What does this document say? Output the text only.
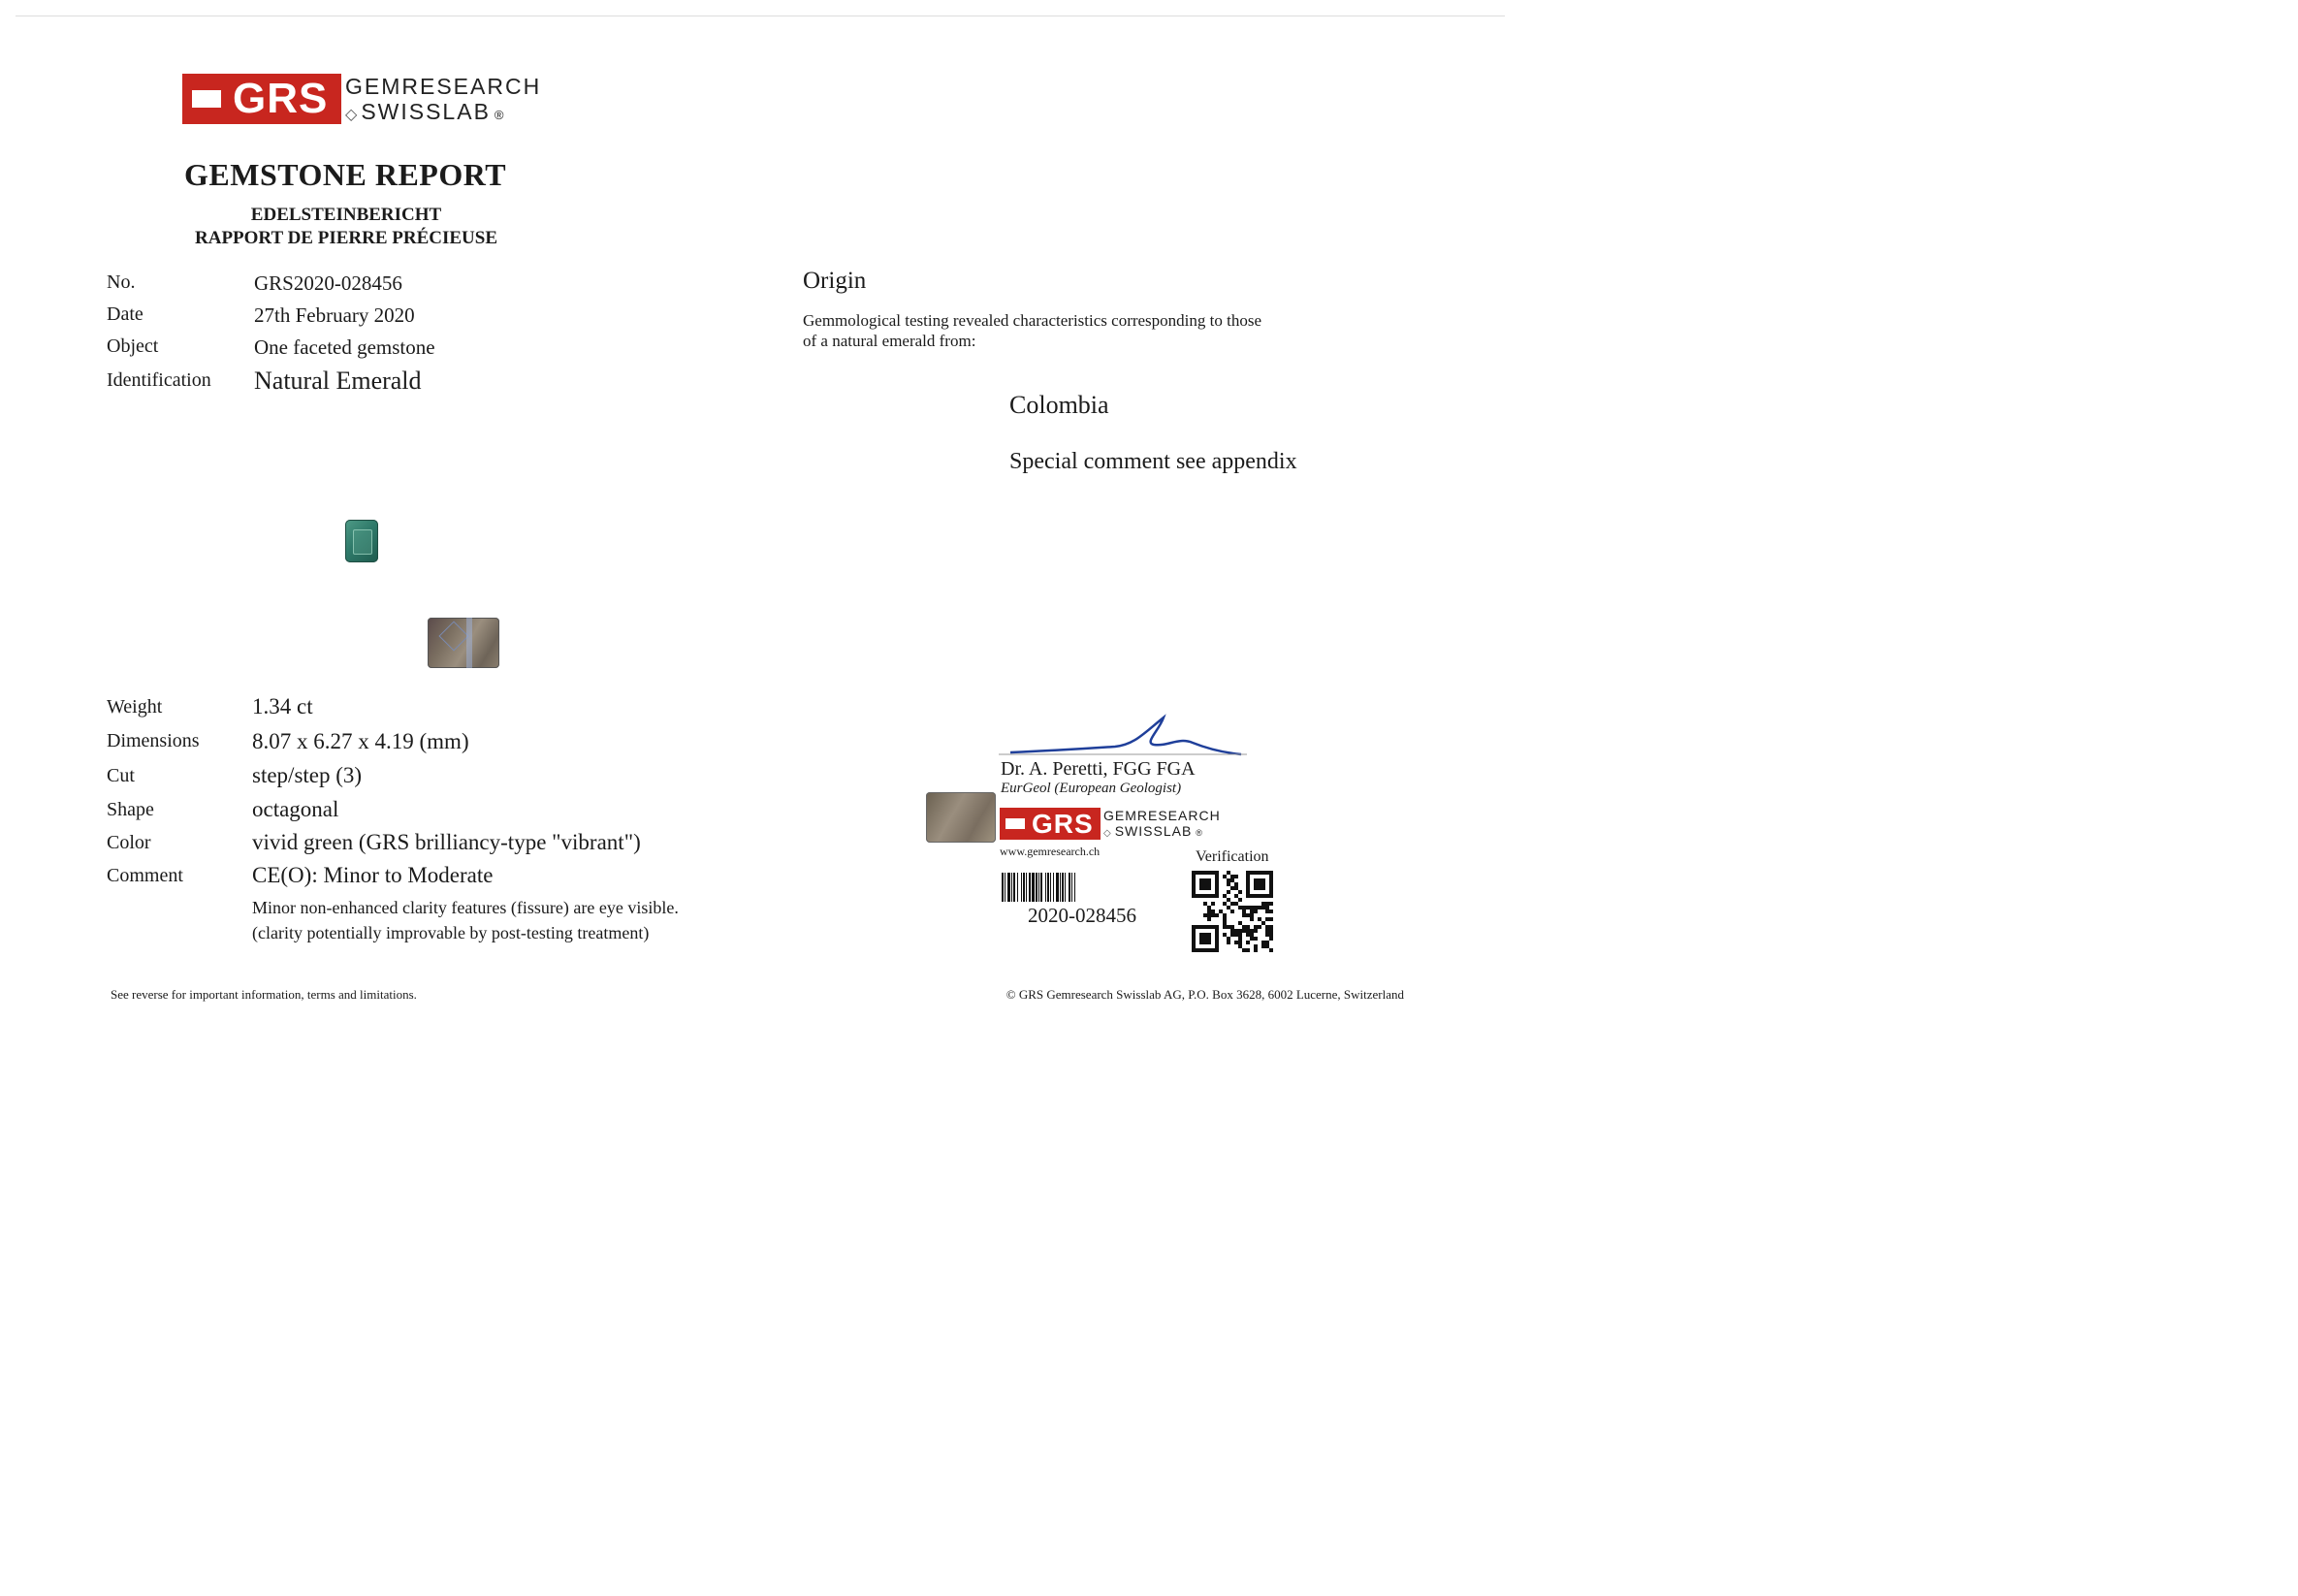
GRS GEMRESEARCH
◇ SWISSLAB ®
GEMSTONE REPORT
EDELSTEINBERICHT
RAPPORT DE PIERRE PRÉCIEUSE
No.	GRS2020-028456
Date	27th February 2020
Object	One faceted gemstone
Identification Natural Emerald
Weight	1.34 ct
Dimensions 8.07 x 6.27 x 4.19 (mm)
Cut	step/step (3)
Shape	octagonal
Color	vivid green (GRS brilliancy-type "vibrant")
Comment	CE(O): Minor to Moderate
Minor non-enhanced clarity features (fissure) are eye visible.
(clarity potentially improvable by post-testing treatment)
Origin
Gemmological testing revealed characteristics corresponding to those
of a natural emerald from:
Colombia
Special comment see appendix
Dr. A. Peretti, FGG FGA
EurGeol (European Geologist)
GRS GEMRESEARCH
◇ SWISSLAB ®
www.gemresearch.ch	Verification
2020-028456
See reverse for important information, terms and limitations.	© GRS Gemresearch Swisslab AG, P.O. Box 3628, 6002 Lucerne, Switzerland
